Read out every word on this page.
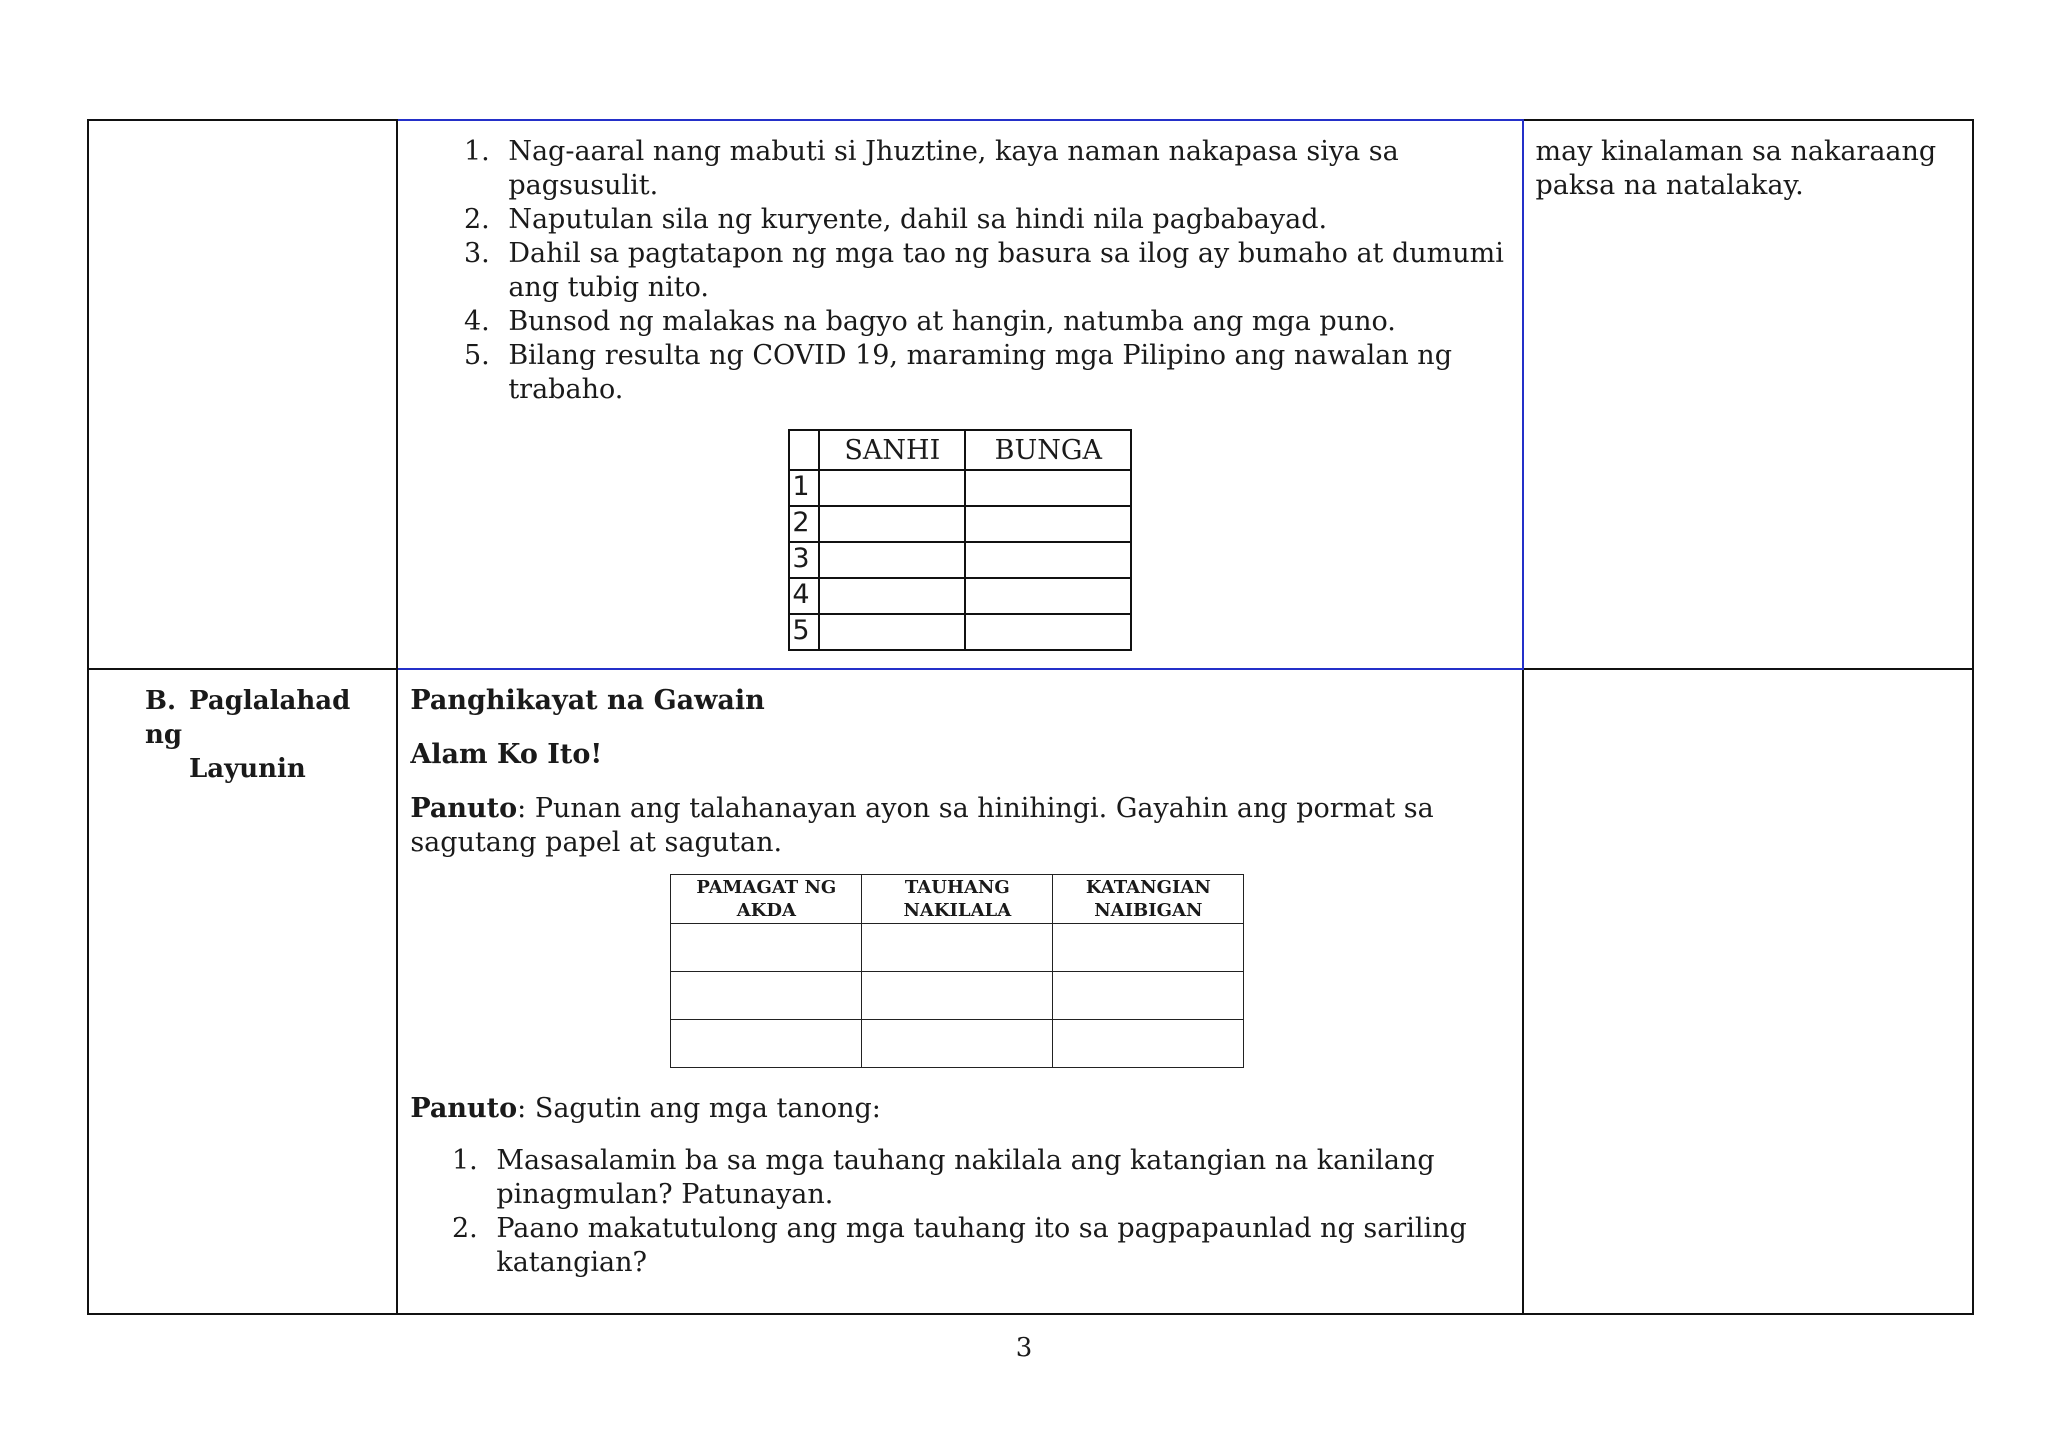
1. Nag-aaral nang mabuti si Jhuztine, kaya naman nakapasa siya sa pagsusulit.
2. Naputulan sila ng kuryente, dahil sa hindi nila pagbabayad.
3. Dahil sa pagtatapon ng mga tao ng basura sa ilog ay bumaho at dumumi ang tubig nito.
4. Bunsod ng malakas na bagyo at hangin, natumba ang mga puno.
5. Bilang resulta ng COVID 19, maraming mga Pilipino ang nawalan ng trabaho.
	SANHI	BUNGA
1		
2		
3		
4		
5		

may kinalaman sa nakaraang paksa na natalakay.

B. Paglalahad ng
Layunin

Panghikayat na Gawain

Alam Ko Ito!

Panuto: Punan ang talahanayan ayon sa hinihingi. Gayahin ang pormat sa sagutang papel at sagutan.

PAMAGAT NG AKDA	TAUHANG NAKILALA	KATANGIAN NAIBIGAN

Panuto: Sagutin ang mga tanong:

1. Masasalamin ba sa mga tauhang nakilala ang katangian na kanilang pinagmulan? Patunayan.
2. Paano makatutulong ang mga tauhang ito sa pagpapaunlad ng sariling katangian?

3
